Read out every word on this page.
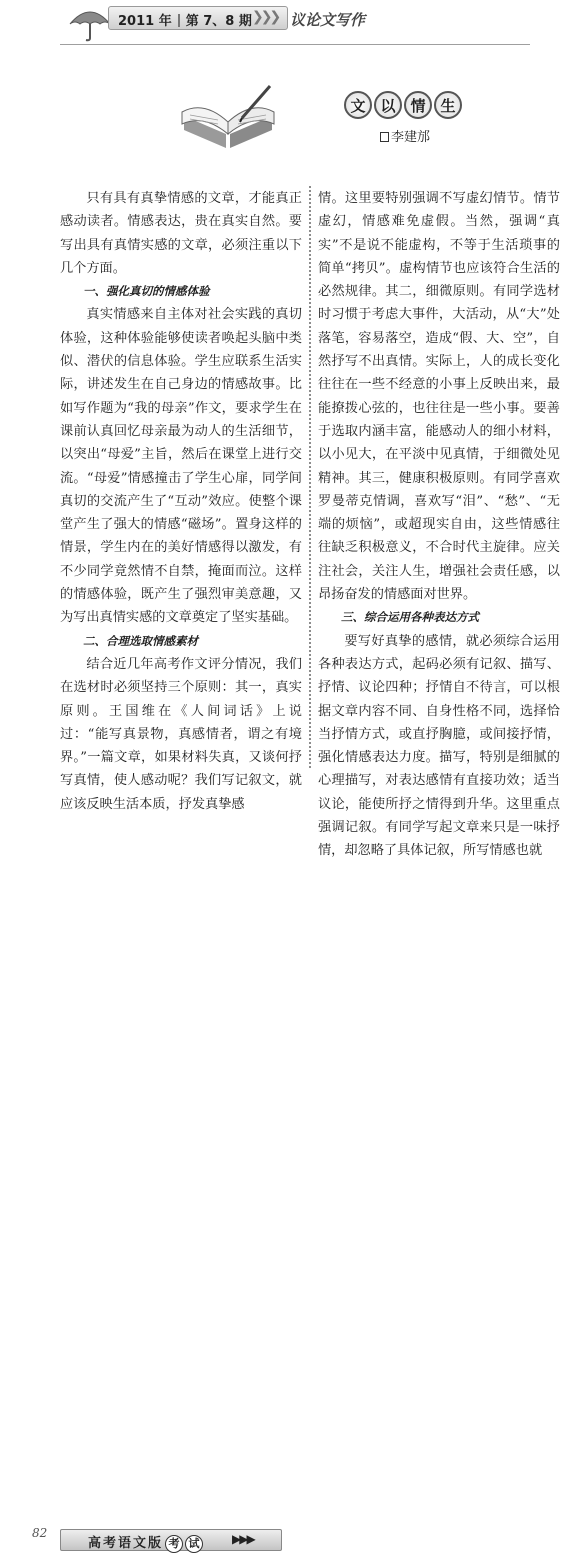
2011 年 第 7、8 期 ❯❯❯ 议论文写作
文 以 情 生
李建邡

只有具有真挚情感的文章，才能真正感动读者。情感表达，贵在真实自然。要写出具有真情实感的文章，必须注重以下几个方面。

一、强化真切的情感体验

真实情感来自主体对社会实践的真切体验，这种体验能够使读者唤起头脑中类似、潜伏的信息体验。学生应联系生活实际，讲述发生在自己身边的情感故事。比如写作题为“我的母亲”作文，要求学生在课前认真回忆母亲最为动人的生活细节，以突出“母爱”主旨，然后在课堂上进行交流。“母爱”情感撞击了学生心扉，同学间真切的交流产生了“互动”效应。使整个课堂产生了强大的情感“磁场”。置身这样的情景，学生内在的美好情感得以激发，有不少同学竟然情不自禁，掩面而泣。这样的情感体验，既产生了强烈审美意趣，又为写出真情实感的文章奠定了坚实基础。

二、合理选取情感素材

结合近几年高考作文评分情况，我们在选材时必须坚持三个原则：其一，真实原则。王国维在《人间词话》上说过：“能写真景物，真感情者，谓之有境界。”一篇文章，如果材料失真，又谈何抒写真情，使人感动呢？我们写记叙文，就应该反映生活本质，抒发真挚感

情。这里要特别强调不写虚幻情节。情节虚幻，情感难免虚假。当然，强调“真实”不是说不能虚构，不等于生活琐事的简单“拷贝”。虚构情节也应该符合生活的必然规律。其二，细微原则。有同学选材时习惯于考虑大事件，大活动，从“大”处落笔，容易落空，造成“假、大、空”，自然抒写不出真情。实际上，人的成长变化往往在一些不经意的小事上反映出来，最能撩拨心弦的，也往往是一些小事。要善于选取内涵丰富，能感动人的细小材料，以小见大，在平淡中见真情，于细微处见精神。其三，健康积极原则。有同学喜欢罗曼蒂克情调，喜欢写“泪”、“愁”、“无端的烦恼”，或超现实自由，这些情感往往缺乏积极意义，不合时代主旋律。应关注社会，关注人生，增强社会责任感，以昂扬奋发的情感面对世界。

三、综合运用各种表达方式

要写好真挚的感情，就必须综合运用各种表达方式，起码必须有记叙、描写、抒情、议论四种；抒情自不待言，可以根据文章内容不同、自身性格不同，选择恰当抒情方式，或直抒胸臆，或间接抒情，强化情感表达力度。描写，特别是细腻的心理描写，对表达感情有直接功效；适当议论，能使所抒之情得到升华。这里重点强调记叙。有同学写起文章来只是一味抒情，却忽略了具体记叙，所写情感也就

82
高考语文版 考 试	▶▶▶
